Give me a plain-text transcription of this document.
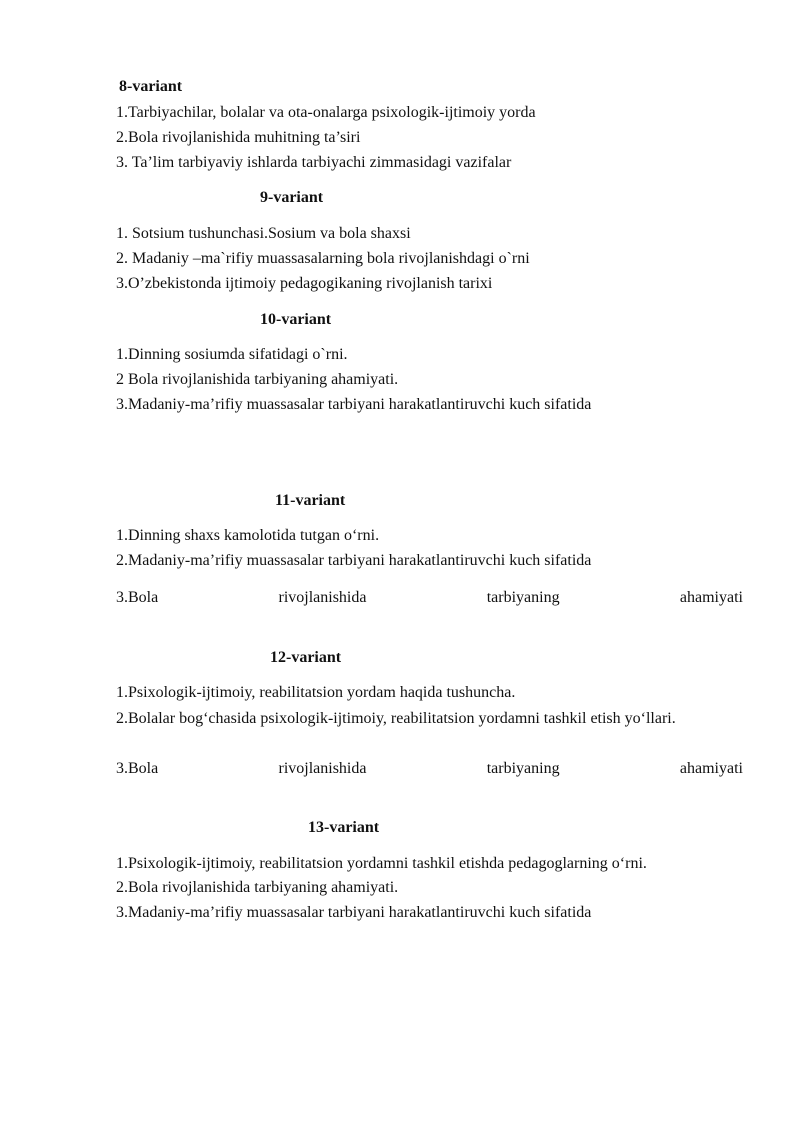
8-variant
1.Tarbiyachilar, bolalar va ota-onalarga psixologik-ijtimoiy yorda
2.Bola rivojlanishida muhitning ta’siri
3. Ta’lim tarbiyaviy ishlarda tarbiyachi zimmasidagi vazifalar
9-variant
1. Sotsium tushunchasi.Sosium va bola shaxsi
2. Madaniy –ma`rifiy muassasalarning bola rivojlanishdagi o`rni
3.O’zbekistonda ijtimoiy pedagogikaning rivojlanish tarixi
10-variant
1.Dinning sosiumda sifatidagi o`rni.
2 Bola rivojlanishida tarbiyaning ahamiyati.
3.Madaniy-ma’rifiy muassasalar tarbiyani harakatlantiruvchi kuch sifatida
11-variant
1.Dinning shaxs kamolotida tutgan o‘rni.
2.Madaniy-ma’rifiy muassasalar tarbiyani harakatlantiruvchi kuch sifatida
3.Bola	rivojlanishida	tarbiyaning	ahamiyati
12-variant
1.Psixologik-ijtimoiy, reabilitatsion yordam haqida tushuncha.
2.Bolalar bog‘chasida psixologik-ijtimoiy, reabilitatsion yordamni tashkil etish yo‘llari.
3.Bola	rivojlanishida	tarbiyaning	ahamiyati
13-variant
1.Psixologik-ijtimoiy, reabilitatsion yordamni tashkil etishda pedagoglarning o‘rni.
2.Bola rivojlanishida tarbiyaning ahamiyati.
3.Madaniy-ma’rifiy muassasalar tarbiyani harakatlantiruvchi kuch sifatida
